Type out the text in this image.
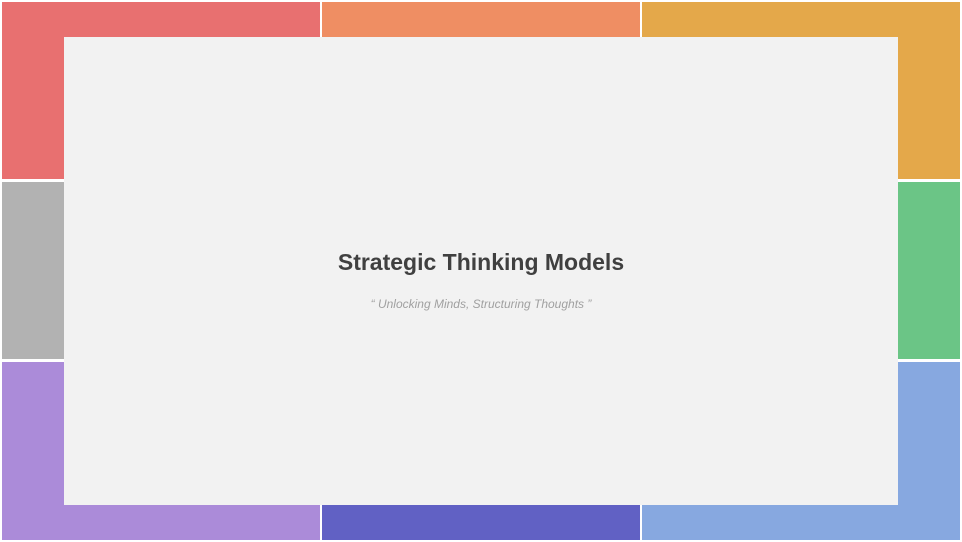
Strategic Thinking Models

“ Unlocking Minds, Structuring Thoughts ”
